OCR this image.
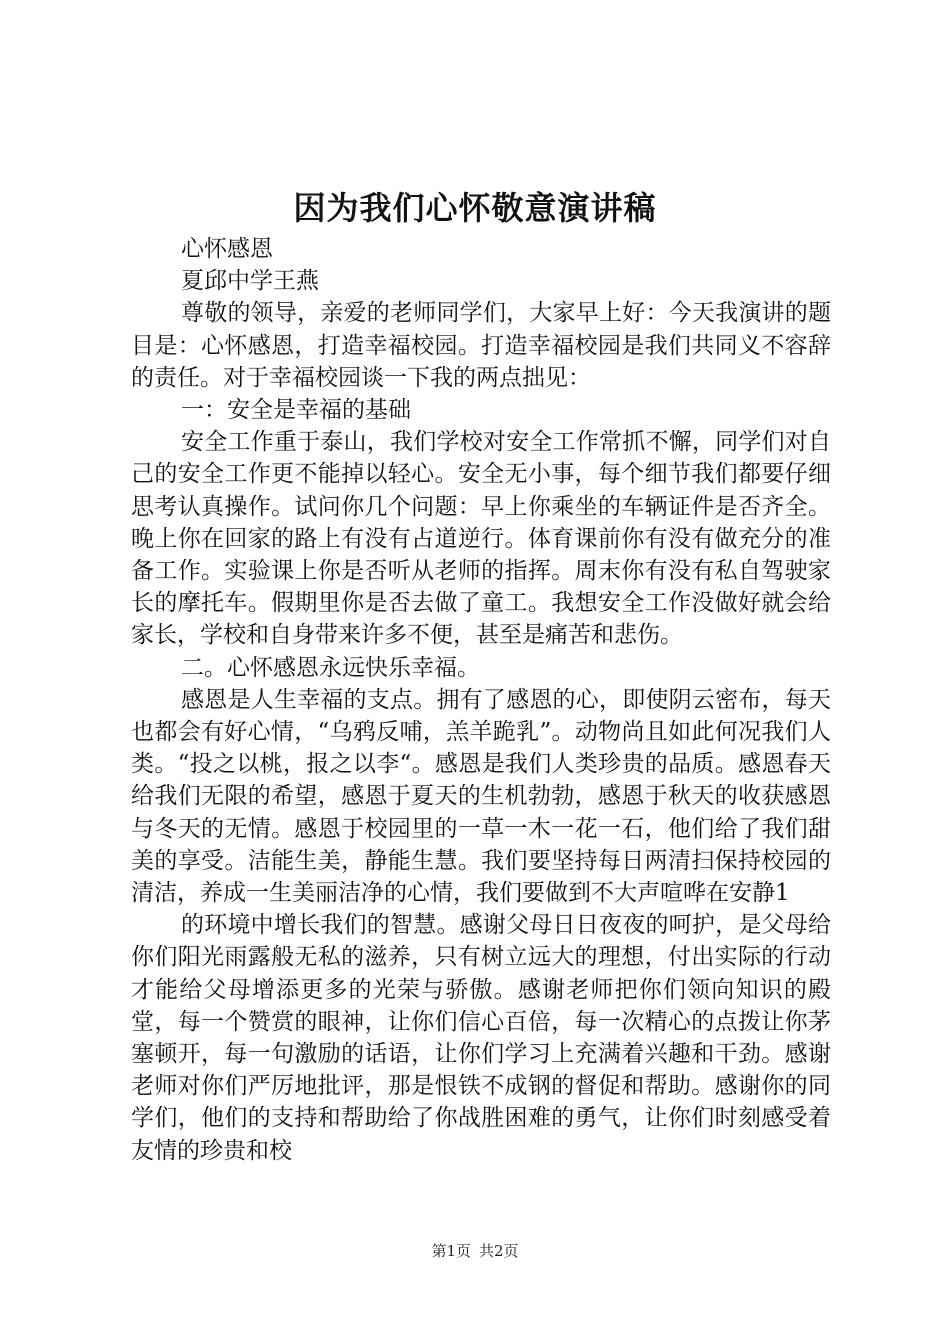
因为我们心怀敬意演讲稿

心怀感恩

夏邱中学王燕

尊敬的领导，亲爱的老师同学们，大家早上好：今天我演讲的题目是：心怀感恩，打造幸福校园。打造幸福校园是我们共同义不容辞的责任。对于幸福校园谈一下我的两点拙见：

一：安全是幸福的基础

安全工作重于泰山，我们学校对安全工作常抓不懈，同学们对自己的安全工作更不能掉以轻心。安全无小事，每个细节我们都要仔细思考认真操作。试问你几个问题：早上你乘坐的车辆证件是否齐全。晚上你在回家的路上有没有占道逆行。体育课前你有没有做充分的准备工作。实验课上你是否听从老师的指挥。周末你有没有私自驾驶家长的摩托车。假期里你是否去做了童工。我想安全工作没做好就会给家长，学校和自身带来许多不便，甚至是痛苦和悲伤。

二。心怀感恩永远快乐幸福。

感恩是人生幸福的支点。拥有了感恩的心，即使阴云密布，每天也都会有好心情，“乌鸦反哺，羔羊跪乳”。动物尚且如此何况我们人类。“投之以桃，报之以李“。感恩是我们人类珍贵的品质。感恩春天给我们无限的希望，感恩于夏天的生机勃勃，感恩于秋天的收获感恩与冬天的无情。感恩于校园里的一草一木一花一石，他们给了我们甜美的享受。洁能生美，静能生慧。我们要坚持每日两清扫保持校园的清洁，养成一生美丽洁净的心情，我们要做到不大声喧哗在安静1

的环境中增长我们的智慧。感谢父母日日夜夜的呵护，是父母给你们阳光雨露般无私的滋养，只有树立远大的理想，付出实际的行动才能给父母增添更多的光荣与骄傲。感谢老师把你们领向知识的殿堂，每一个赞赏的眼神，让你们信心百倍，每一次精心的点拨让你茅塞顿开，每一句激励的话语，让你们学习上充满着兴趣和干劲。感谢老师对你们严厉地批评，那是恨铁不成钢的督促和帮助。感谢你的同学们，他们的支持和帮助给了你战胜困难的勇气，让你们时刻感受着友情的珍贵和校

第1页 共2页
